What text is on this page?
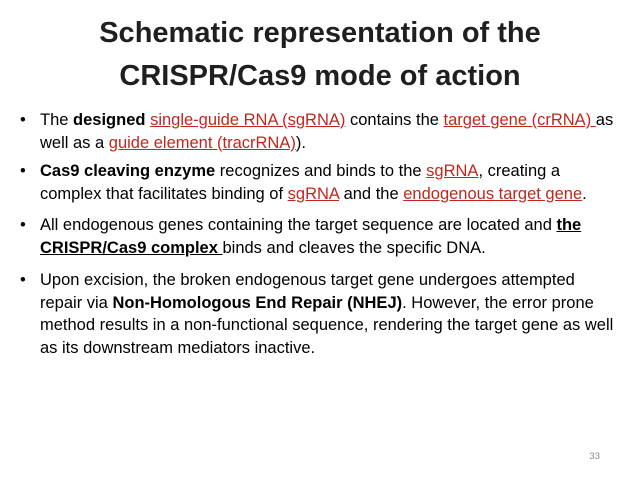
Schematic representation of the
CRISPR/Cas9 mode of action
• The designed single-guide RNA (sgRNA) contains the target gene (crRNA) as well as a guide element (tracrRNA)).

• Cas9 cleaving enzyme recognizes and binds to the sgRNA, creating a complex that facilitates binding of sgRNA and the endogenous target gene.

• All endogenous genes containing the target sequence are located and the CRISPR/Cas9 complex binds and cleaves the specific DNA.

• Upon excision, the broken endogenous target gene undergoes attempted repair via Non-Homologous End Repair (NHEJ). However, the error prone method results in a non-functional sequence, rendering the target gene as well as its downstream mediators inactive.

33
